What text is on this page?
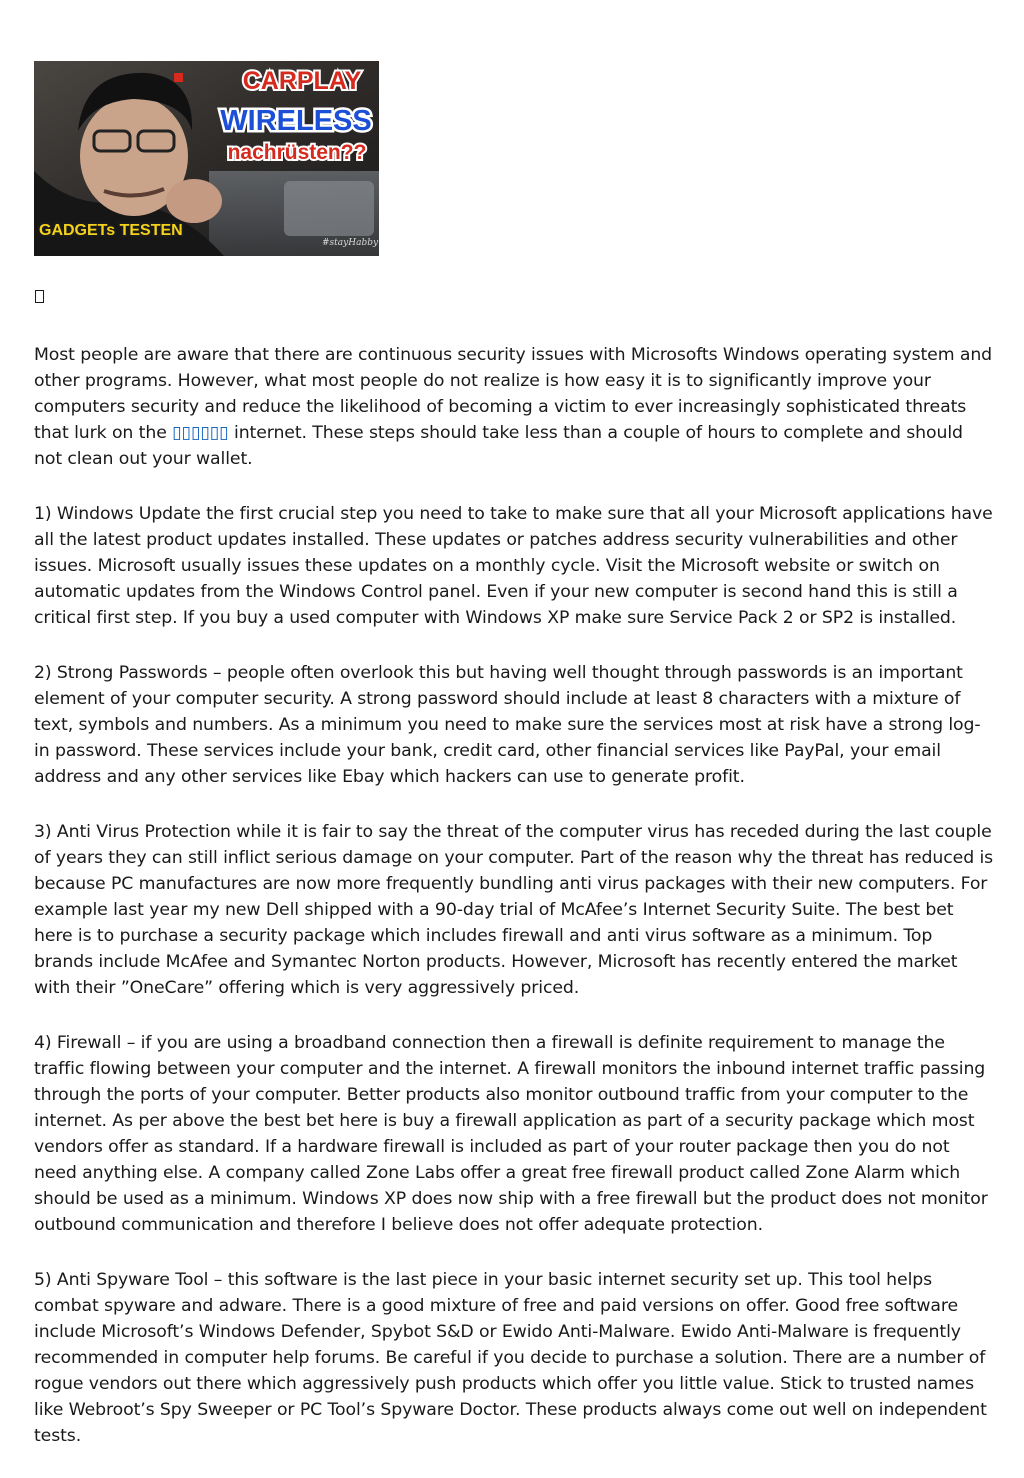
CARPLAY
WIRELESS
nachrüsten??
GADGETs TESTEN
#stayHabby

Most people are aware that there are continuous security issues with Microsofts Windows operating system and other programs. However, what most people do not realize is how easy it is to significantly improve your computers security and reduce the likelihood of becoming a victim to ever increasingly sophisticated threats that lurk on the ▯▯▯▯▯▯ internet. These steps should take less than a couple of hours to complete and should not clean out your wallet.

1) Windows Update the first crucial step you need to take to make sure that all your Microsoft applications have all the latest product updates installed. These updates or patches address security vulnerabilities and other issues. Microsoft usually issues these updates on a monthly cycle. Visit the Microsoft website or switch on automatic updates from the Windows Control panel. Even if your new computer is second hand this is still a critical first step. If you buy a used computer with Windows XP make sure Service Pack 2 or SP2 is installed.

2) Strong Passwords – people often overlook this but having well thought through passwords is an important element of your computer security. A strong password should include at least 8 characters with a mixture of text, symbols and numbers. As a minimum you need to make sure the services most at risk have a strong log-in password. These services include your bank, credit card, other financial services like PayPal, your email address and any other services like Ebay which hackers can use to generate profit.

3) Anti Virus Protection while it is fair to say the threat of the computer virus has receded during the last couple of years they can still inflict serious damage on your computer. Part of the reason why the threat has reduced is because PC manufactures are now more frequently bundling anti virus packages with their new computers. For example last year my new Dell shipped with a 90-day trial of McAfee’s Internet Security Suite. The best bet here is to purchase a security package which includes firewall and anti virus software as a minimum. Top brands include McAfee and Symantec Norton products. However, Microsoft has recently entered the market with their ”OneCare” offering which is very aggressively priced.

4) Firewall – if you are using a broadband connection then a firewall is definite requirement to manage the traffic flowing between your computer and the internet. A firewall monitors the inbound internet traffic passing through the ports of your computer. Better products also monitor outbound traffic from your computer to the internet. As per above the best bet here is buy a firewall application as part of a security package which most vendors offer as standard. If a hardware firewall is included as part of your router package then you do not need anything else. A company called Zone Labs offer a great free firewall product called Zone Alarm which should be used as a minimum. Windows XP does now ship with a free firewall but the product does not monitor outbound communication and therefore I believe does not offer adequate protection.

5) Anti Spyware Tool – this software is the last piece in your basic internet security set up. This tool helps combat spyware and adware. There is a good mixture of free and paid versions on offer. Good free software include Microsoft’s Windows Defender, Spybot S&D or Ewido Anti-Malware. Ewido Anti-Malware is frequently recommended in computer help forums. Be careful if you decide to purchase a solution. There are a number of rogue vendors out there which aggressively push products which offer you little value. Stick to trusted names like Webroot’s Spy Sweeper or PC Tool’s Spyware Doctor. These products always come out well on independent tests.
